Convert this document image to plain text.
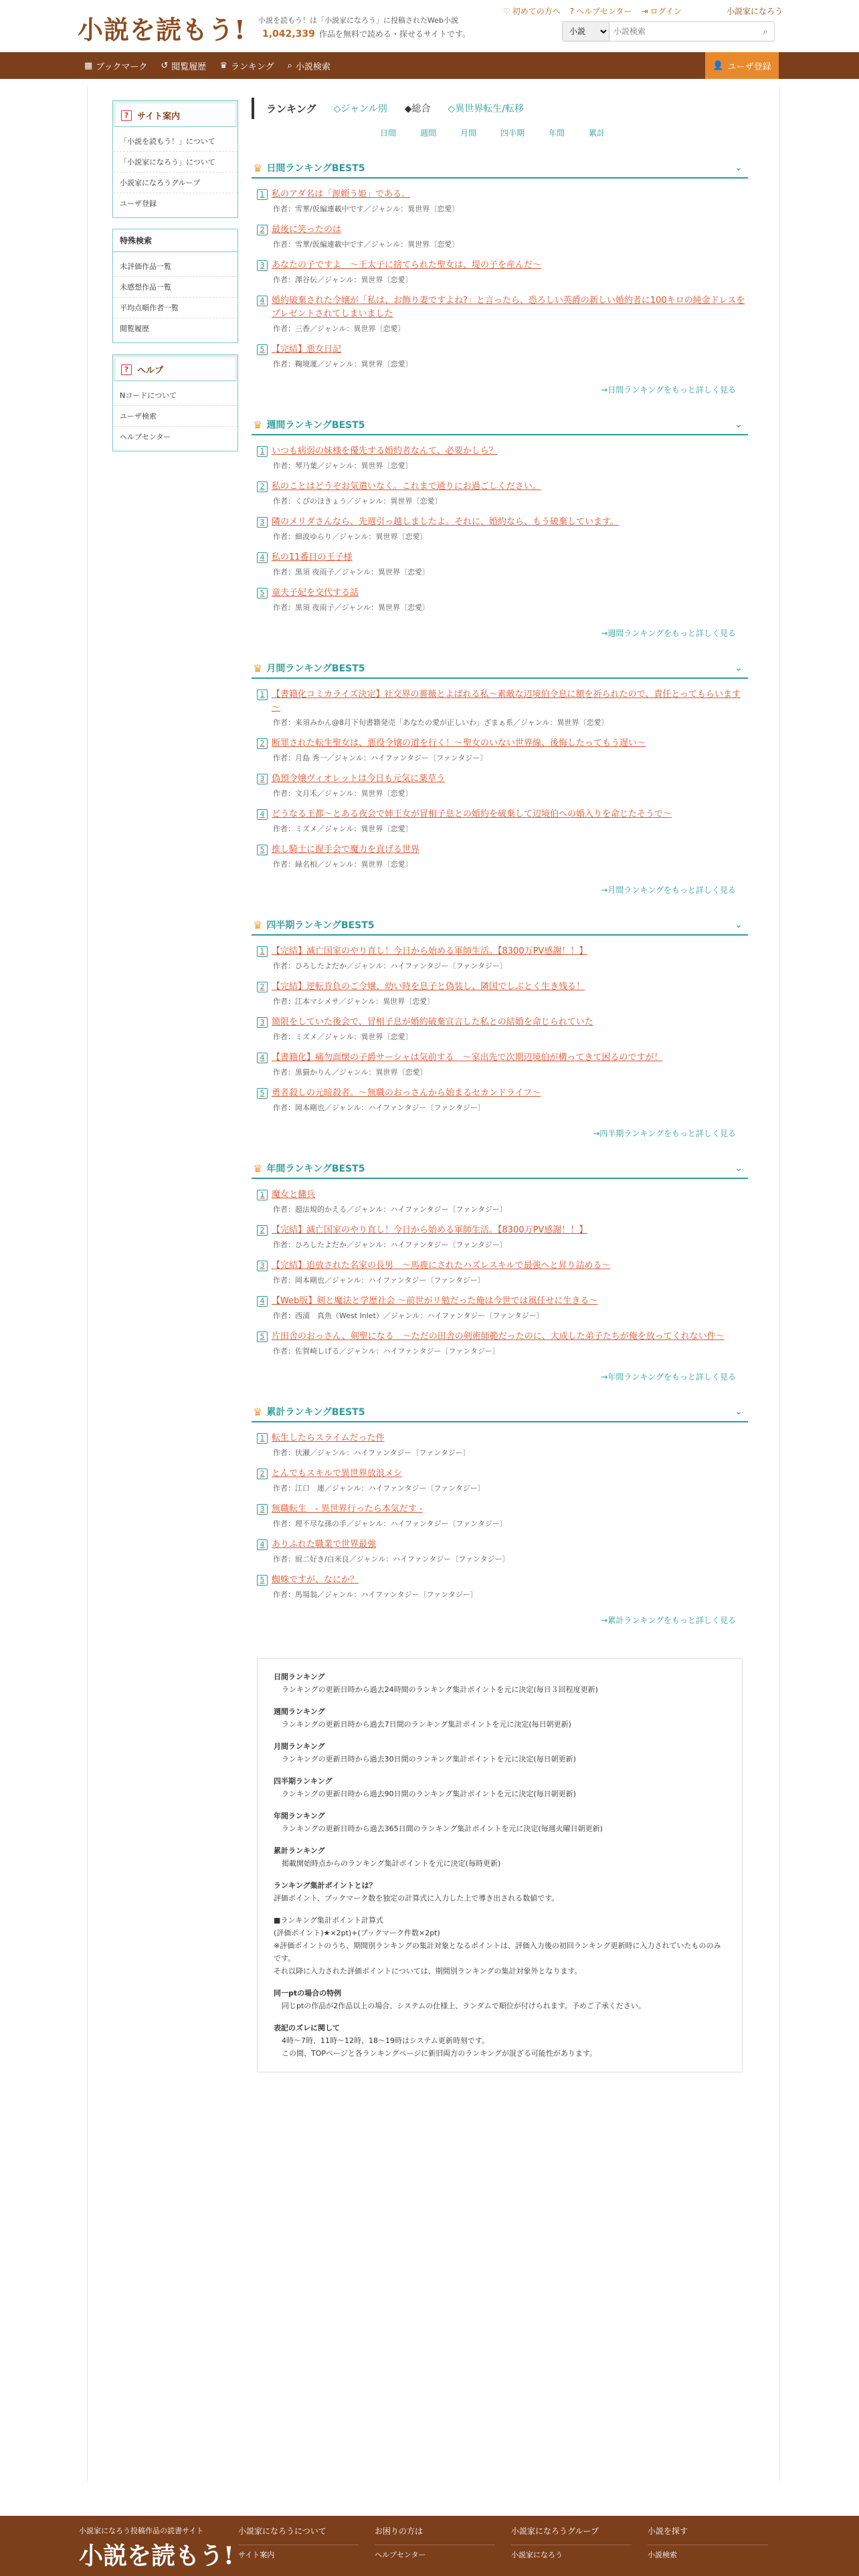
小説を読もう! 小説を読もう！は「小説家になろう」に投稿されたWeb小説
1,042,339 作品を無料で読める・探せるサイトです。
♡ 初めての方へ ? ヘルプセンター ⇥ ログイン	小説家になろう
小説
小説検索
⌕
▦ ブックマーク ↺ 閲覧履歴 ♛ ランキング ⌕ 小説検索	👤 ユーザ登録
? サイト案内
「小説を読もう！」について
「小説家になろう」について
小説家になろうグループ
ユーザ登録
特殊検索
未評価作品一覧
未感想作品一覧
平均点順作者一覧
閲覧履歴
? ヘルプ
Nコードについて
ユーザ検索
ヘルプセンター
ランキング ◇ジャンル別 ◆総合 ◇異世界転生/転移
日間	週間	月間	四半期	年間	累計
♛ 日間ランキングBEST5	⌄
1 私のアダ名は「源頼う姫」である。
作者：雪華/仮編連載中です／ジャンル：異世界〔恋愛〕
2 最後に笑ったのは
作者：雪華/仮編連載中です／ジャンル：異世界〔恋愛〕
3 あなたの子ですよ　～王太子に捨てられた聖女は、堤の子を産んだ～
作者：澤谷伝／ジャンル：異世界〔恋愛〕
4 婚約破棄された令嬢が「私は、お飾り妻ですよね?」と言ったら、恐ろしい英爵の新しい婚約者に100キロの純金ドレスをプレゼントされてしまいました
作者：三香／ジャンル：異世界〔恋愛〕
5 【完結】悪女日記
作者：鞠境運／ジャンル：異世界〔恋愛〕
→日間ランキングをもっと詳しく見る
♛ 週間ランキングBEST5	⌄
1 いつも病弱の妹様を優先する婚約者なんて、必要かしら？
作者：琴乃葉／ジャンル：異世界〔恋愛〕
2 私のことはどうぞお気遣いなく。これまで通りにお過ごしください。
作者：くびのほきょう／ジャンル：異世界〔恋愛〕
3 隣のメリダさんなら、先週引っ越しましたよ。それに、婚約なら、もう破棄しています。
作者：細波ゆらり／ジャンル：異世界〔恋愛〕
4 私の11番目の王子様
作者：黒須 夜雨子／ジャンル：異世界〔恋愛〕
5 童夫子妃を交代する話
作者：黒須 夜雨子／ジャンル：異世界〔恋愛〕
→週間ランキングをもっと詳しく見る
♛ 月間ランキングBEST5	⌄
1 【書籍化コミカライズ決定】社交界の薔薇とよばれる私～素敵な辺境伯令息に額を祈られたので、責任とってもらいます～
作者：来須みかん@8月下旬書籍発売「あなたの愛が正しいわ」ざまぁ系／ジャンル：異世界〔恋愛〕
2 断罪された転生聖女は、悪役令嬢の道を行く！～聖女のいない世界線、後悔したってもう遅い～
作者：月島 秀一／ジャンル：ハイファンタジー〔ファンタジー〕
3 偽預令嬢ヴィオレットは今日も元気に薬草う
作者：文月禾／ジャンル：異世界〔恋愛〕
4 どうなる王都～とある夜会で姉王女が冒相子息との婚約を破棄して辺境伯への婚入りを命じたそうで～
作者：ミズメ／ジャンル：異世界〔恋愛〕
5 推し騎士に握手会で魔力を貢げる世界
作者：緑名相／ジャンル：異世界〔恋愛〕
→月間ランキングをもっと詳しく見る
♛ 四半期ランキングBEST5	⌄
1 【完結】滅亡国家のやり直し！今日から始める軍師生活。【8300万PV感謝！！】
作者：ひろしたよだか／ジャンル：ハイファンタジー〔ファンタジー〕
2 【完結】逆転肯負のご令嬢、幼い時を息子と偽装し、隣国でしぶとく生き残る！
作者：江本マシメサ／ジャンル：異世界〔恋愛〕
3 簡限をしていた後会で、冒相子息が婚約破棄宣言した私との結婚を命じられていた
作者：ミズメ／ジャンル：異世界〔恋愛〕
4 【書籍化】痛勿面懐の子爵サーシャは気前する　～家出先で次期辺境伯が構ってきて困るのですが！
作者：黒猫かりん／ジャンル：異世界〔恋愛〕
5 勇者殺しの元暗殺者。～無職のおっさんから始まるセカンドライフ～
作者：岡本剛也／ジャンル：ハイファンタジー〔ファンタジー〕
→四半期ランキングをもっと詳しく見る
♛ 年間ランキングBEST5	⌄
1 魔女と傭兵
作者：超法規的かえる／ジャンル：ハイファンタジー〔ファンタジー〕
2 【完結】滅亡国家のやり直し！今日から始める軍師生活。【8300万PV感謝！！】
作者：ひろしたよだか／ジャンル：ハイファンタジー〔ファンタジー〕
3 【完結】追放された名家の長男　～馬鹿にされたハズレスキルで最強へと昇り詰める～
作者：岡本剛也／ジャンル：ハイファンタジー〔ファンタジー〕
4 【Web版】剣と魔法と学歴社会 ～前世がリ勉だった俺は今世では風任せに生きる～
作者：西浦　真魚（West Inlet）／ジャンル：ハイファンタジー〔ファンタジー〕
5 片田舎のおっさん、剣聖になる　～ただの田舎の剣術師範だったのに、大成した弟子たちが俺を放ってくれない件～
作者：佐賀崎しげる／ジャンル：ハイファンタジー〔ファンタジー〕
→年間ランキングをもっと詳しく見る
♛ 累計ランキングBEST5	⌄
1 転生したらスライムだった件
作者：伏瀬／ジャンル：ハイファンタジー〔ファンタジー〕
2 とんでもスキルで異世界放浪メシ
作者：江口　連／ジャンル：ハイファンタジー〔ファンタジー〕
3 無職転生　- 異世界行ったら本気だす -
作者：理不尽な孫の手／ジャンル：ハイファンタジー〔ファンタジー〕
4 ありふれた職業で世界最強
作者：厨二好き/白米良／ジャンル：ハイファンタジー〔ファンタジー〕
5 蜘蛛ですが、なにか？
作者：馬場翁／ジャンル：ハイファンタジー〔ファンタジー〕
→累計ランキングをもっと詳しく見る
日間ランキング
ランキングの更新日時から過去24時間のランキング集計ポイントを元に決定(毎日３回程度更新)
週間ランキング
ランキングの更新日時から過去7日間のランキング集計ポイントを元に決定(毎日朝更新)
月間ランキング
ランキングの更新日時から過去30日間のランキング集計ポイントを元に決定(毎日朝更新)
四半期ランキング
ランキングの更新日時から過去90日間のランキング集計ポイントを元に決定(毎日朝更新)
年間ランキング
ランキングの更新日時から過去365日間のランキング集計ポイントを元に決定(毎週火曜日朝更新)
累計ランキング
掲載開始時点からのランキング集計ポイントを元に決定(毎時更新)

ランキング集計ポイントとは？
評価ポイント、ブックマーク数を独定の計算式に入力した上で導き出される数値です。

■ランキング集計ポイント計算式
(評価ポイント)★×2pt)+(ブックマーク件数×2pt)
※評価ポイントのうち、期間別ランキングの集計対象となるポイントは、評価入力後の初回ランキング更新時に入力されていたもののみです。
それ以降に入力された評価ポイントについては、期間別ランキングの集計対象外となります。

同一ptの場合の特例
同じptの作品が2作品以上の場合、システムの仕様上、ランダムで順位が付けられます。予めご了承ください。

表記のズレに関して
4時〜7時、11時〜12時、18〜19時はシステム更新時刻です。
この間、TOPページと各ランキングページに新旧両方のランキングが混ざる可能性があります。

小説家になろう投稿作品の読書サイト
小説を読もう!
小説家になろうについて
サイト案内
お困りの方は
ヘルプセンター
小説家になろうグループ
小説家になろう
小説を探す
小説検索
